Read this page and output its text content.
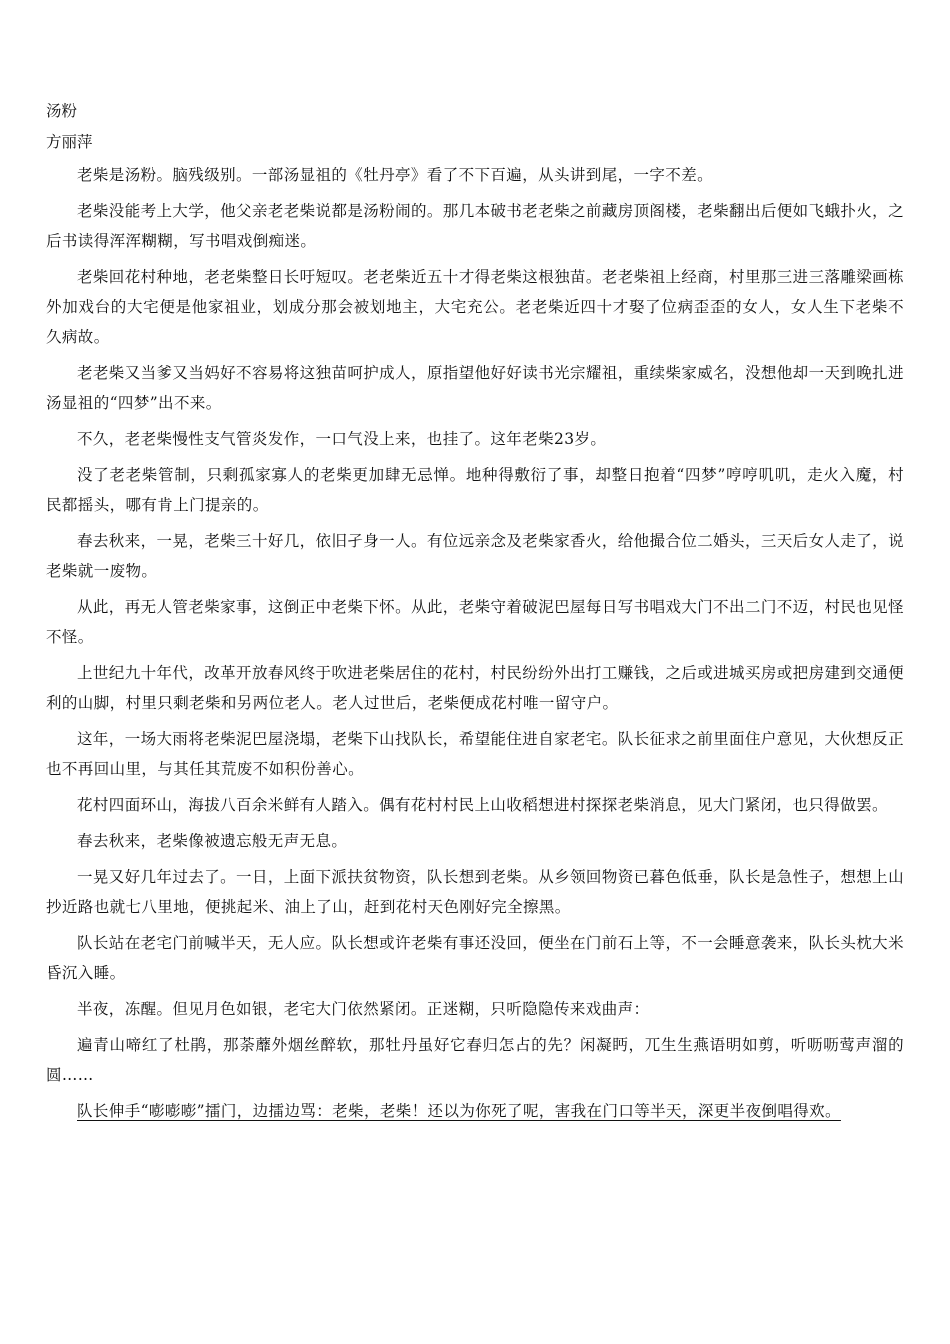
汤粉

方丽萍

老柴是汤粉。脑残级别。一部汤显祖的《牡丹亭》看了不下百遍，从头讲到尾，一字不差。

老柴没能考上大学，他父亲老老柴说都是汤粉闹的。那几本破书老老柴之前藏房顶阁楼，老柴翻出后便如飞蛾扑火，之后书读得浑浑糊糊，写书唱戏倒痴迷。

老柴回花村种地，老老柴整日长吁短叹。老老柴近五十才得老柴这根独苗。老老柴祖上经商，村里那三进三落雕梁画栋外加戏台的大宅便是他家祖业，划成分那会被划地主，大宅充公。老老柴近四十才娶了位病歪歪的女人，女人生下老柴不久病故。

老老柴又当爹又当妈好不容易将这独苗呵护成人，原指望他好好读书光宗耀祖，重续柴家威名，没想他却一天到晚扎进汤显祖的“四梦”出不来。

不久，老老柴慢性支气管炎发作，一口气没上来，也挂了。这年老柴23岁。

没了老老柴管制，只剩孤家寡人的老柴更加肆无忌惮。地种得敷衍了事，却整日抱着“四梦”哼哼叽叽，走火入魔，村民都摇头，哪有肯上门提亲的。

春去秋来，一晃，老柴三十好几，依旧孑身一人。有位远亲念及老柴家香火，给他撮合位二婚头，三天后女人走了，说老柴就一废物。

从此，再无人管老柴家事，这倒正中老柴下怀。从此，老柴守着破泥巴屋每日写书唱戏大门不出二门不迈，村民也见怪不怪。

上世纪九十年代，改革开放春风终于吹进老柴居住的花村，村民纷纷外出打工赚钱，之后或进城买房或把房建到交通便利的山脚，村里只剩老柴和另两位老人。老人过世后，老柴便成花村唯一留守户。

这年，一场大雨将老柴泥巴屋浇塌，老柴下山找队长，希望能住进自家老宅。队长征求之前里面住户意见，大伙想反正也不再回山里，与其任其荒废不如积份善心。

花村四面环山，海拔八百余米鲜有人踏入。偶有花村村民上山收稻想进村探探老柴消息，见大门紧闭，也只得做罢。

春去秋来，老柴像被遗忘般无声无息。

一晃又好几年过去了。一日，上面下派扶贫物资，队长想到老柴。从乡领回物资已暮色低垂，队长是急性子，想想上山抄近路也就七八里地，便挑起米、油上了山，赶到花村天色刚好完全擦黑。

队长站在老宅门前喊半天，无人应。队长想或许老柴有事还没回，便坐在门前石上等，不一会睡意袭来，队长头枕大米昏沉入睡。

半夜，冻醒。但见月色如银，老宅大门依然紧闭。正迷糊，只听隐隐传来戏曲声：

遍青山啼红了杜鹃，那荼蘼外烟丝醉软，那牡丹虽好它春归怎占的先？闲凝眄，兀生生燕语明如剪，听呖呖莺声溜的圆……

队长伸手“嘭嘭嘭”擂门，边擂边骂：老柴，老柴！还以为你死了呢，害我在门口等半天，深更半夜倒唱得欢。
